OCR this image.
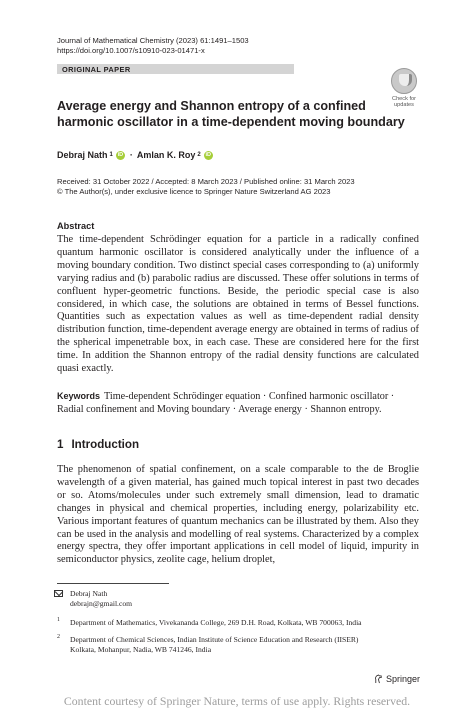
Journal of Mathematical Chemistry (2023) 61:1491–1503
https://doi.org/10.1007/s10910-023-01471-x
ORIGINAL PAPER
Check for
updates
Average energy and Shannon entropy of a confined
harmonic oscillator in a time-dependent moving boundary
Debraj Nath 1 iD · Amlan K. Roy 2 iD
Received: 31 October 2022 / Accepted: 8 March 2023 / Published online: 31 March 2023
© The Author(s), under exclusive licence to Springer Nature Switzerland AG 2023
Abstract
The time-dependent Schrödinger equation for a particle in a radically confined quantum harmonic oscillator is considered analytically under the influence of a moving boundary condition. Two distinct special cases corresponding to (a) uniformly varying radius and (b) parabolic radius are discussed. These offer solutions in terms of confluent hyper-geometric functions. Beside, the periodic special case is also considered, in which case, the solutions are obtained in terms of Bessel functions. Quantities such as expectation values as well as time-dependent radial density distribution function, time-dependent average energy are obtained in terms of radius of the spherical impenetrable box, in each case. These are considered here for the first time. In addition the Shannon entropy of the radial density functions are calculated quasi exactly.
Keywords Time-dependent Schrödinger equation · Confined harmonic oscillator · Radial confinement and Moving boundary · Average energy · Shannon entropy.
1 Introduction
The phenomenon of spatial confinement, on a scale comparable to the de Broglie wavelength of a given material, has gained much topical interest in past two decades or so. Atoms/molecules under such extremely small dimension, lead to dramatic changes in physical and chemical properties, including energy, polarizability etc. Various important features of quantum mechanics can be illustrated by them. Also they can be used in the analysis and modelling of real systems. Characterized by a complex energy spectra, they offer important applications in cell model of liquid, impurity in semiconductor physics, zeolite cage, helium droplet,
Debraj Nath
debrajn@gmail.com
1 Department of Mathematics, Vivekananda College, 269 D.H. Road, Kolkata, WB 700063, India
2 Department of Chemical Sciences, Indian Institute of Science Education and Research (IISER)
Kolkata, Mohanpur, Nadia, WB 741246, India
Springer
Content courtesy of Springer Nature, terms of use apply. Rights reserved.
